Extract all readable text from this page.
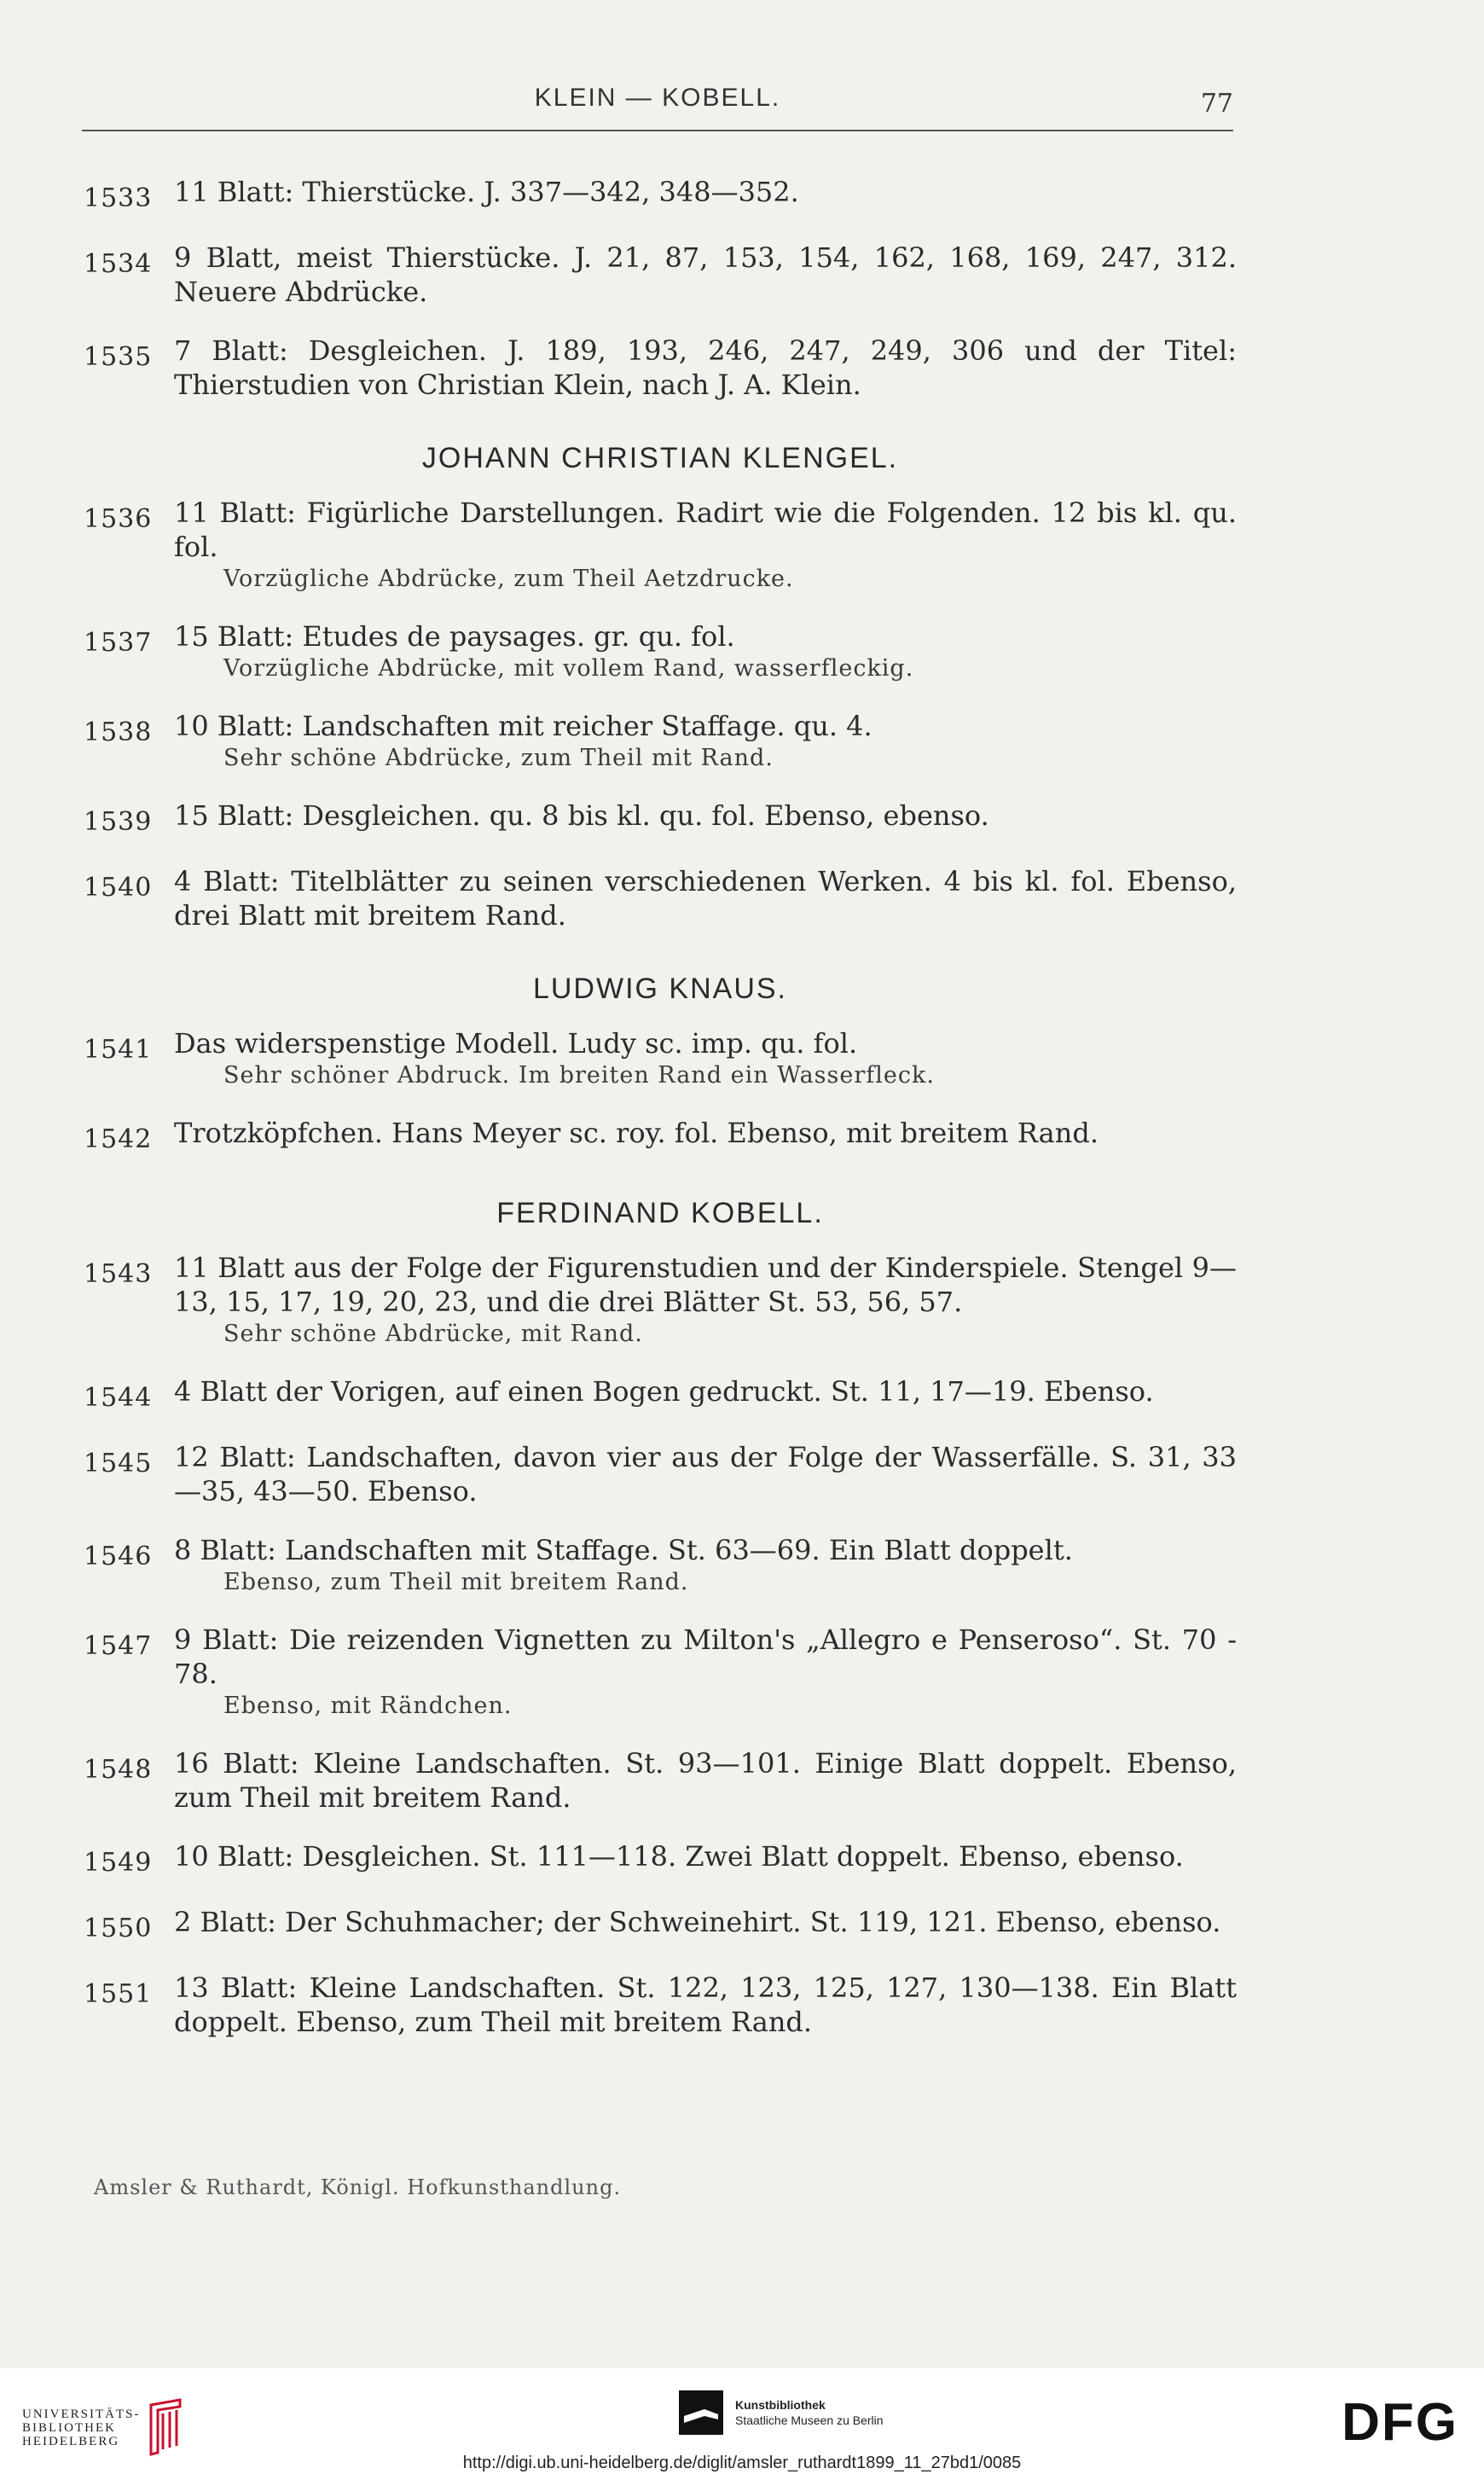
KLEIN — KOBELL.	77
1533 11 Blatt: Thierstücke. J. 337—342, 348—352.
1534 9 Blatt, meist Thierstücke. J. 21, 87, 153, 154, 162, 168, 169, 247, 312. Neuere Abdrücke.
1535 7 Blatt: Desgleichen. J. 189, 193, 246, 247, 249, 306 und der Titel: Thierstudien von Christian Klein, nach J. A. Klein.
JOHANN CHRISTIAN KLENGEL.
1536 11 Blatt: Figürliche Darstellungen. Radirt wie die Folgenden. 12 bis kl. qu. fol.
Vorzügliche Abdrücke, zum Theil Aetzdrucke.
1537 15 Blatt: Etudes de paysages. gr. qu. fol.
Vorzügliche Abdrücke, mit vollem Rand, wasserfleckig.
1538 10 Blatt: Landschaften mit reicher Staffage. qu. 4.
Sehr schöne Abdrücke, zum Theil mit Rand.
1539 15 Blatt: Desgleichen. qu. 8 bis kl. qu. fol. Ebenso, ebenso.
1540 4 Blatt: Titelblätter zu seinen verschiedenen Werken. 4 bis kl. fol. Ebenso, drei Blatt mit breitem Rand.
LUDWIG KNAUS.
1541 Das widerspenstige Modell. Ludy sc. imp. qu. fol.
Sehr schöner Abdruck. Im breiten Rand ein Wasserfleck.
1542 Trotzköpfchen. Hans Meyer sc. roy. fol. Ebenso, mit breitem Rand.
FERDINAND KOBELL.
1543 11 Blatt aus der Folge der Figurenstudien und der Kinderspiele. Stengel 9—13, 15, 17, 19, 20, 23, und die drei Blätter St. 53, 56, 57.
Sehr schöne Abdrücke, mit Rand.
1544 4 Blatt der Vorigen, auf einen Bogen gedruckt. St. 11, 17—19. Ebenso.
1545 12 Blatt: Landschaften, davon vier aus der Folge der Wasserfälle. S. 31, 33—35, 43—50. Ebenso.
1546 8 Blatt: Landschaften mit Staffage. St. 63—69. Ein Blatt doppelt.
Ebenso, zum Theil mit breitem Rand.
1547 9 Blatt: Die reizenden Vignetten zu Milton's „Allegro e Penseroso“. St. 70 - 78.
Ebenso, mit Rändchen.
1548 16 Blatt: Kleine Landschaften. St. 93—101. Einige Blatt doppelt. Ebenso, zum Theil mit breitem Rand.
1549 10 Blatt: Desgleichen. St. 111—118. Zwei Blatt doppelt. Ebenso, ebenso.
1550 2 Blatt: Der Schuhmacher; der Schweinehirt. St. 119, 121. Ebenso, ebenso.
1551 13 Blatt: Kleine Landschaften. St. 122, 123, 125, 127, 130—138. Ein Blatt doppelt. Ebenso, zum Theil mit breitem Rand.
Amsler & Ruthardt, Königl. Hofkunsthandlung.
UNIVERSITÄTS-
BIBLIOTHEK
HEIDELBERG
Kunstbibliothek
Staatliche Museen zu Berlin	DFG
http://digi.ub.uni-heidelberg.de/diglit/amsler_ruthardt1899_11_27bd1/0085
